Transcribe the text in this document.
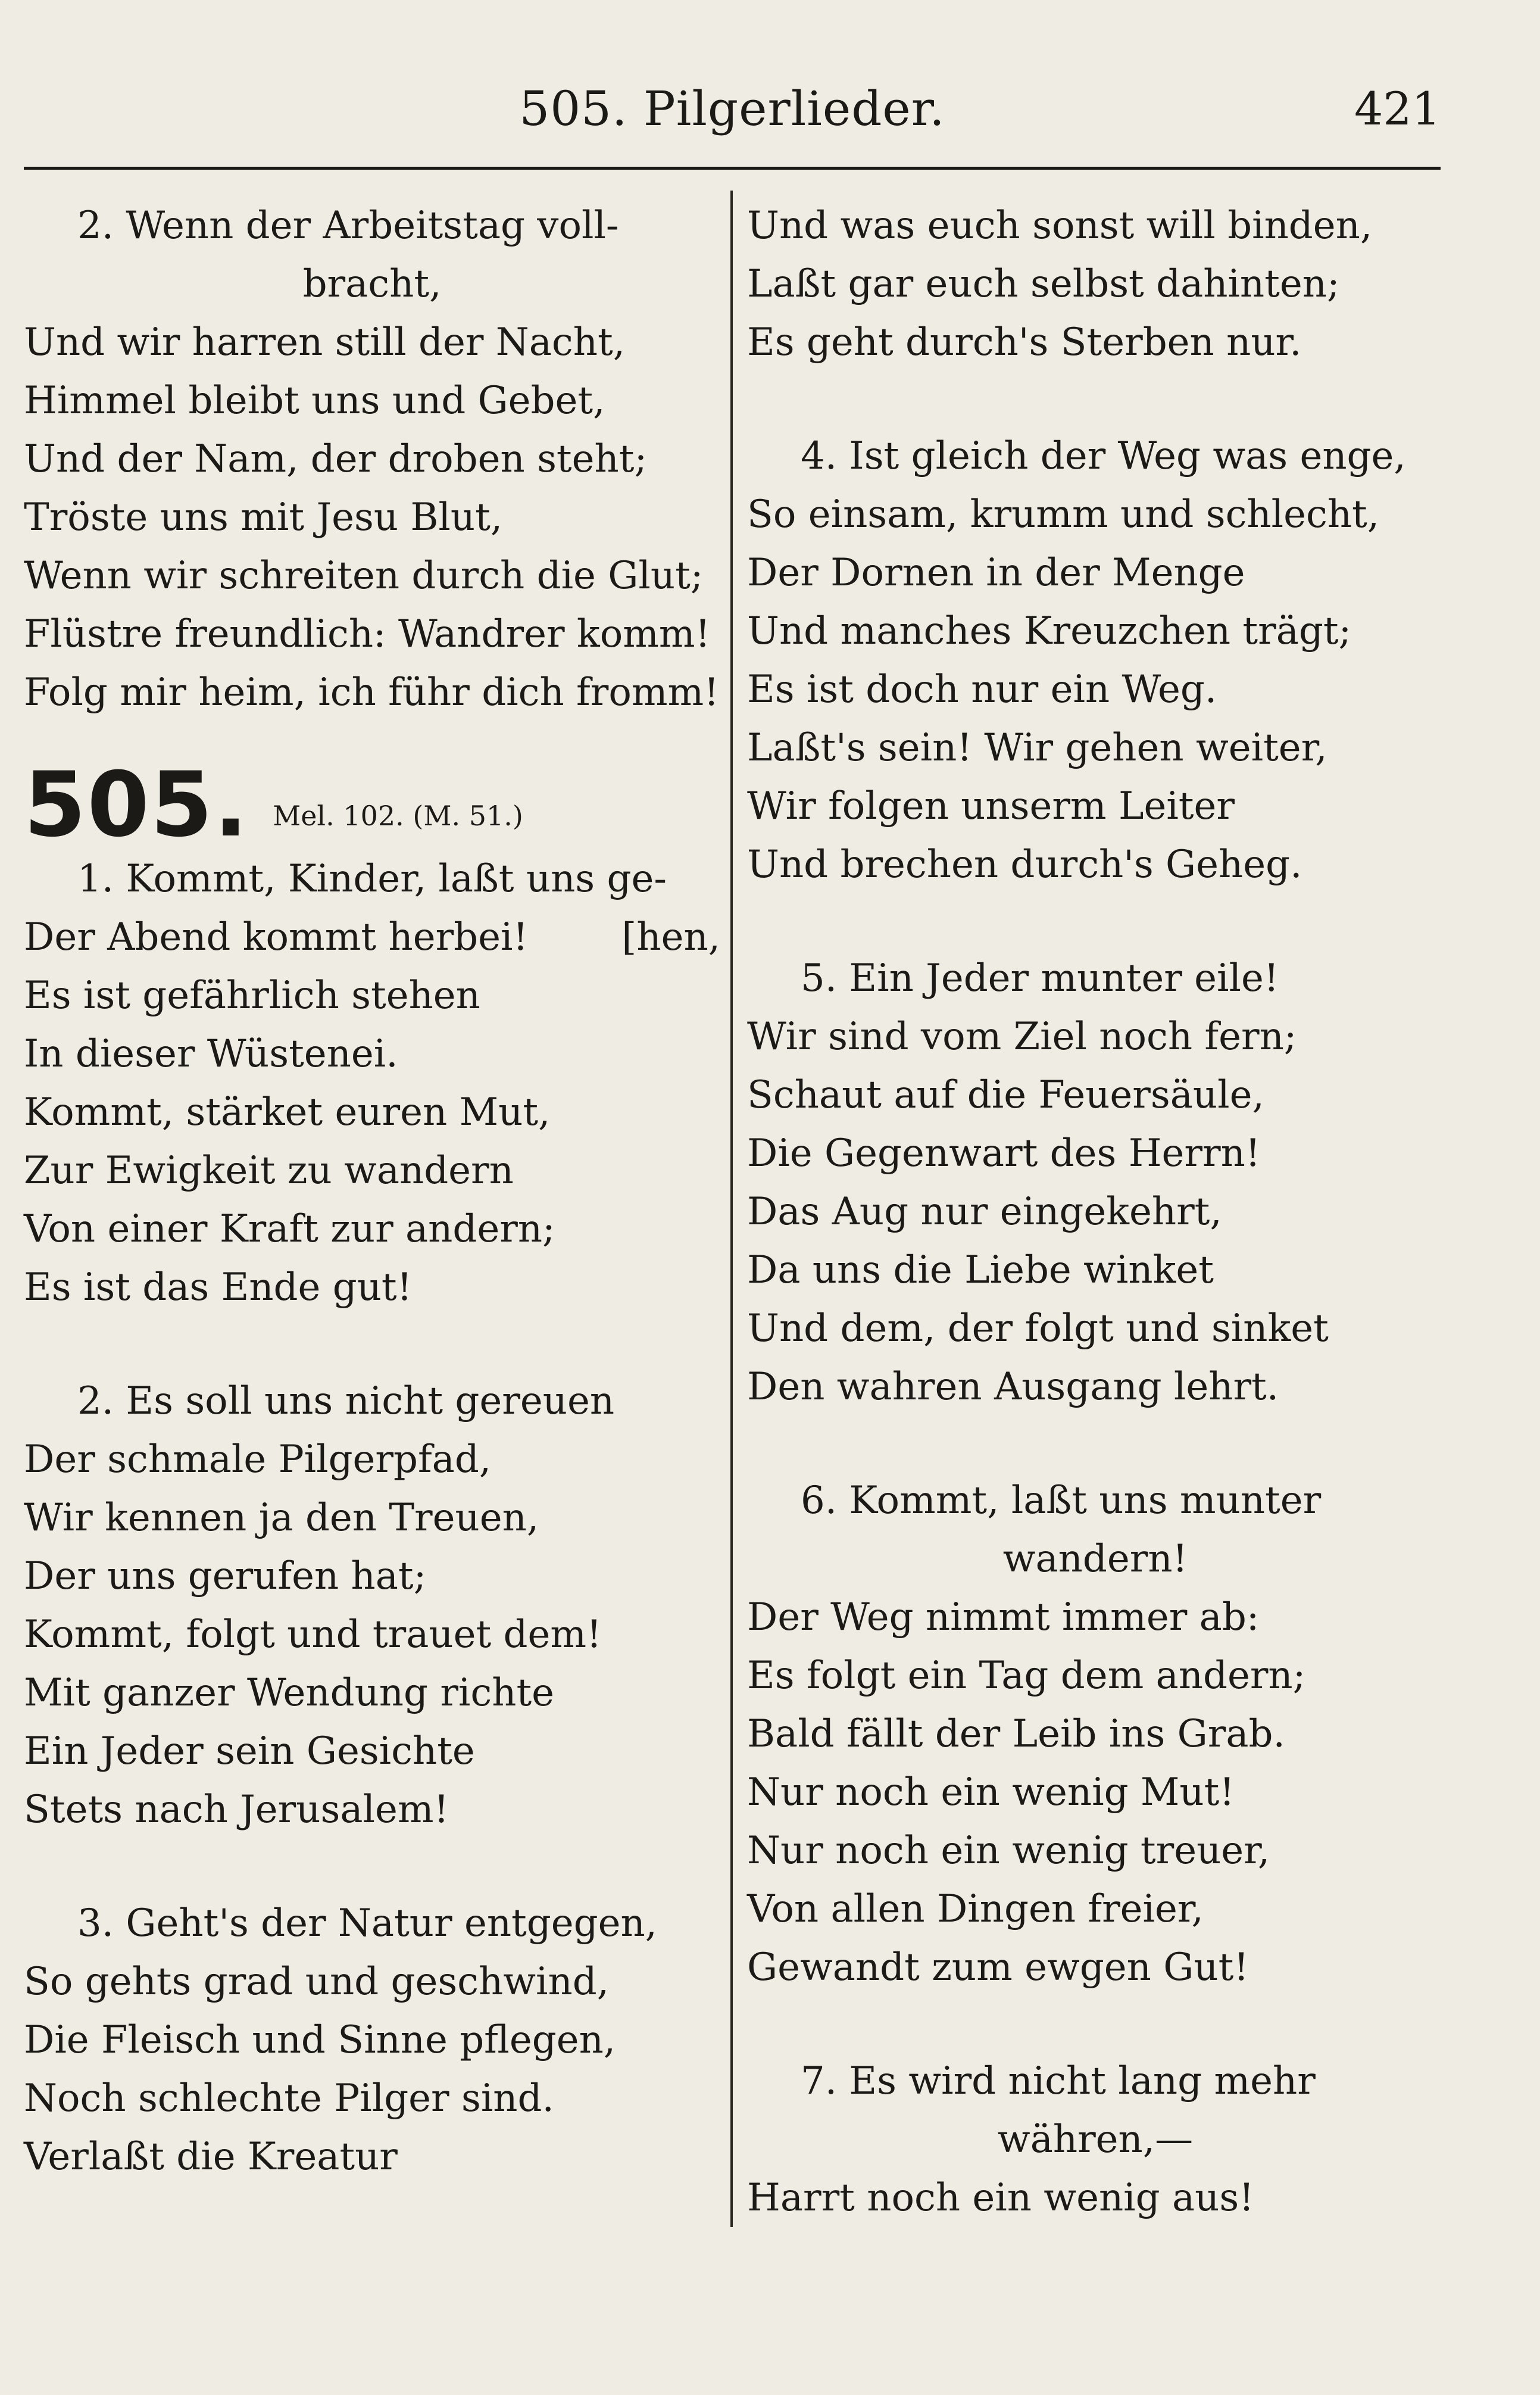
505. Pilgerlieder.	421
2. Wenn der Arbeitstag voll-
bracht,
Und wir harren still der Nacht,
Himmel bleibt uns und Gebet,
Und der Nam, der droben steht;
Tröste uns mit Jesu Blut,
Wenn wir schreiten durch die Glut;
Flüstre freundlich: Wandrer komm!
Folg mir heim, ich führ dich fromm!
505. Mel. 102. (M. 51.)
1. Kommt, Kinder, laßt uns ge-
Der Abend kommt herbei! [hen,
Es ist gefährlich stehen
In dieser Wüstenei.
Kommt, stärket euren Mut,
Zur Ewigkeit zu wandern
Von einer Kraft zur andern;
Es ist das Ende gut!
2. Es soll uns nicht gereuen
Der schmale Pilgerpfad,
Wir kennen ja den Treuen,
Der uns gerufen hat;
Kommt, folgt und trauet dem!
Mit ganzer Wendung richte
Ein Jeder sein Gesichte
Stets nach Jerusalem!
3. Geht's der Natur entgegen,
So gehts grad und geschwind,
Die Fleisch und Sinne pflegen,
Noch schlechte Pilger sind.
Verlaßt die Kreatur
Und was euch sonst will binden,
Laßt gar euch selbst dahinten;
Es geht durch's Sterben nur.
4. Ist gleich der Weg was enge,
So einsam, krumm und schlecht,
Der Dornen in der Menge
Und manches Kreuzchen trägt;
Es ist doch nur ein Weg.
Laßt's sein! Wir gehen weiter,
Wir folgen unserm Leiter
Und brechen durch's Geheg.
5. Ein Jeder munter eile!
Wir sind vom Ziel noch fern;
Schaut auf die Feuersäule,
Die Gegenwart des Herrn!
Das Aug nur eingekehrt,
Da uns die Liebe winket
Und dem, der folgt und sinket
Den wahren Ausgang lehrt.
6. Kommt, laßt uns munter
wandern!
Der Weg nimmt immer ab:
Es folgt ein Tag dem andern;
Bald fällt der Leib ins Grab.
Nur noch ein wenig Mut!
Nur noch ein wenig treuer,
Von allen Dingen freier,
Gewandt zum ewgen Gut!
7. Es wird nicht lang mehr
währen,—
Harrt noch ein wenig aus!
